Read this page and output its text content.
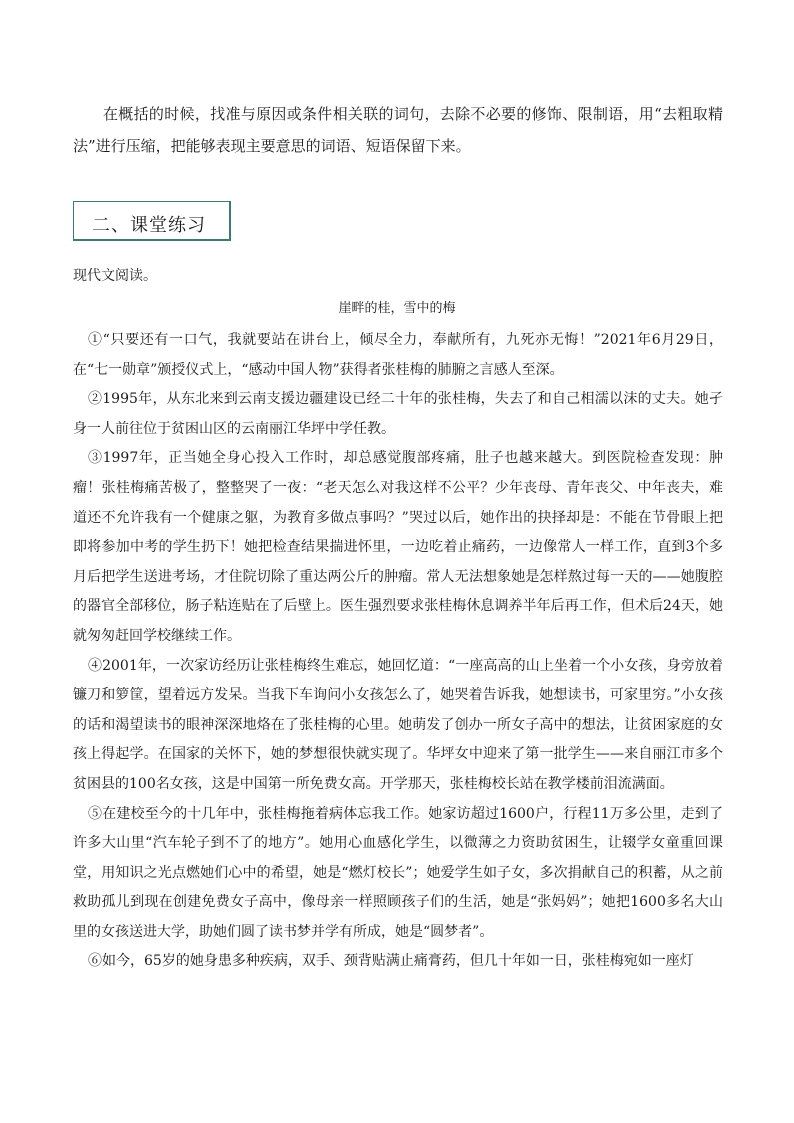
在概括的时候，找准与原因或条件相关联的词句，去除不必要的修饰、限制语，用“去粗取精法”进行压缩，把能够表现主要意思的词语、短语保留下来。

二、课堂练习

现代文阅读。

崖畔的桂，雪中的梅

①“只要还有一口气，我就要站在讲台上，倾尽全力，奉献所有，九死亦无悔！”2021年6月29日，在“七一勋章”颁授仪式上，“感动中国人物”获得者张桂梅的肺腑之言感人至深。

②1995年，从东北来到云南支援边疆建设已经二十年的张桂梅，失去了和自己相濡以沫的丈夫。她孑身一人前往位于贫困山区的云南丽江华坪中学任教。

③1997年，正当她全身心投入工作时，却总感觉腹部疼痛，肚子也越来越大。到医院检查发现：肿瘤！张桂梅痛苦极了，整整哭了一夜：“老天怎么对我这样不公平？少年丧母、青年丧父、中年丧夫，难道还不允许我有一个健康之躯，为教育多做点事吗？”哭过以后，她作出的抉择却是：不能在节骨眼上把即将参加中考的学生扔下！她把检查结果揣进怀里，一边吃着止痛药，一边像常人一样工作，直到3个多月后把学生送进考场，才住院切除了重达两公斤的肿瘤。常人无法想象她是怎样熬过每一天的——她腹腔的器官全部移位，肠子粘连贴在了后壁上。医生强烈要求张桂梅休息调养半年后再工作，但术后24天，她就匆匆赶回学校继续工作。

④2001年，一次家访经历让张桂梅终生难忘，她回忆道：“一座高高的山上坐着一个小女孩，身旁放着镰刀和箩筐，望着远方发呆。当我下车询问小女孩怎么了，她哭着告诉我，她想读书，可家里穷。”小女孩的话和渴望读书的眼神深深地烙在了张桂梅的心里。她萌发了创办一所女子高中的想法，让贫困家庭的女孩上得起学。在国家的关怀下，她的梦想很快就实现了。华坪女中迎来了第一批学生——来自丽江市多个贫困县的100名女孩，这是中国第一所免费女高。开学那天，张桂梅校长站在教学楼前泪流满面。

⑤在建校至今的十几年中，张桂梅拖着病体忘我工作。她家访超过1600户，行程11万多公里，走到了许多大山里“汽车轮子到不了的地方”。她用心血感化学生，以微薄之力资助贫困生，让辍学女童重回课堂，用知识之光点燃她们心中的希望，她是“燃灯校长”；她爱学生如子女，多次捐献自己的积蓄，从之前救助孤儿到现在创建免费女子高中，像母亲一样照顾孩子们的生活，她是“张妈妈”；她把1600多名大山里的女孩送进大学，助她们圆了读书梦并学有所成，她是“圆梦者”。

⑥如今，65岁的她身患多种疾病，双手、颈背贴满止痛膏药，但几十年如一日，张桂梅宛如一座灯
